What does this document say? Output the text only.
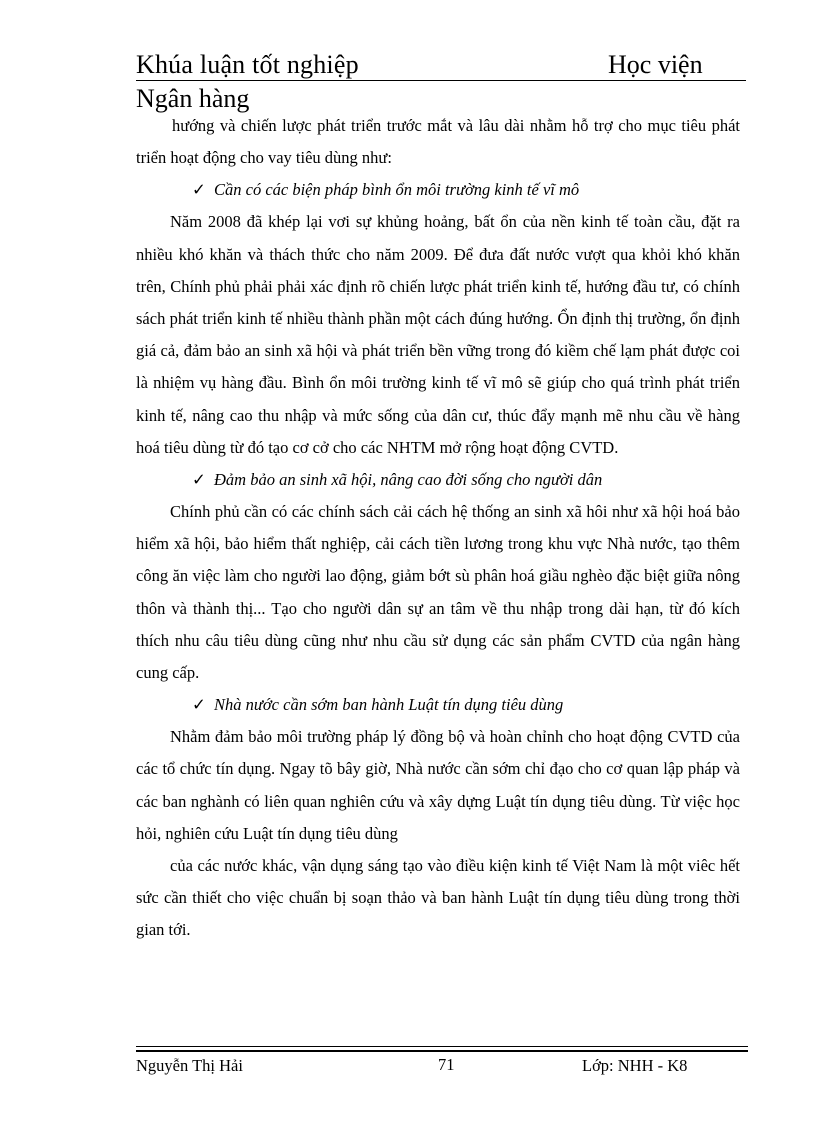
Khúa luận tốt nghiệp	Học viện
Ngân hàng

hướng và chiến lược phát triển trước mắt và lâu dài nhằm hỗ trợ cho mục tiêu phát triển hoạt động cho vay tiêu dùng như:

✓ Cần có các biện pháp bình ổn môi trường kinh tế vĩ mô

Năm 2008 đã khép lại vơi sự khủng hoảng, bất ổn của nền kinh tế toàn cầu, đặt ra nhiều khó khăn và thách thức cho năm 2009. Để đưa đất nước vượt qua khỏi khó khăn trên, Chính phủ phải phải xác định rõ chiến lược phát triển kinh tế, hướng đầu tư, có chính sách phát triển kinh tế nhiều thành phần một cách đúng hướng. Ổn định thị trường, ổn định giá cả, đảm bảo an sinh xã hội và phát triển bền vững trong đó kiềm chế lạm phát được coi là nhiệm vụ hàng đầu. Bình ổn môi trường kinh tế vĩ mô sẽ giúp cho quá trình phát triển kinh tế, nâng cao thu nhập và mức sống của dân cư, thúc đẩy mạnh mẽ nhu cầu về hàng hoá tiêu dùng từ đó tạo cơ cở cho các NHTM mở rộng hoạt động CVTD.

✓ Đảm bảo an sinh xã hội, nâng cao đời sống cho người dân

Chính phủ cần có các chính sách cải cách hệ thống an sinh xã hôi như xã hội hoá bảo hiểm xã hội, bảo hiểm thất nghiệp, cải cách tiền lương trong khu vực Nhà nước, tạo thêm công ăn việc làm cho người lao động, giảm bớt sù phân hoá giầu nghèo đặc biệt giữa nông thôn và thành thị... Tạo cho người dân sự an tâm về thu nhập trong dài hạn, từ đó kích thích nhu câu tiêu dùng cũng như nhu cầu sử dụng các sản phẩm CVTD của ngân hàng cung cấp.

✓ Nhà nước cần sớm ban hành Luật tín dụng tiêu dùng

Nhằm đảm bảo môi trường pháp lý đồng bộ và hoàn chỉnh cho hoạt động CVTD của các tổ chức tín dụng. Ngay tõ bây giờ, Nhà nước cần sớm chỉ đạo cho cơ quan lập pháp và các ban nghành có liên quan nghiên cứu và xây dựng Luật tín dụng tiêu dùng. Từ việc học hỏi, nghiên cứu Luật tín dụng tiêu dùng

của các nước khác, vận dụng sáng tạo vào điều kiện kinh tế Việt Nam là một viêc hết sức cần thiết cho việc chuẩn bị soạn thảo và ban hành Luật tín dụng tiêu dùng trong thời gian tới.

Nguyễn Thị Hải	71	Lớp: NHH - K8
